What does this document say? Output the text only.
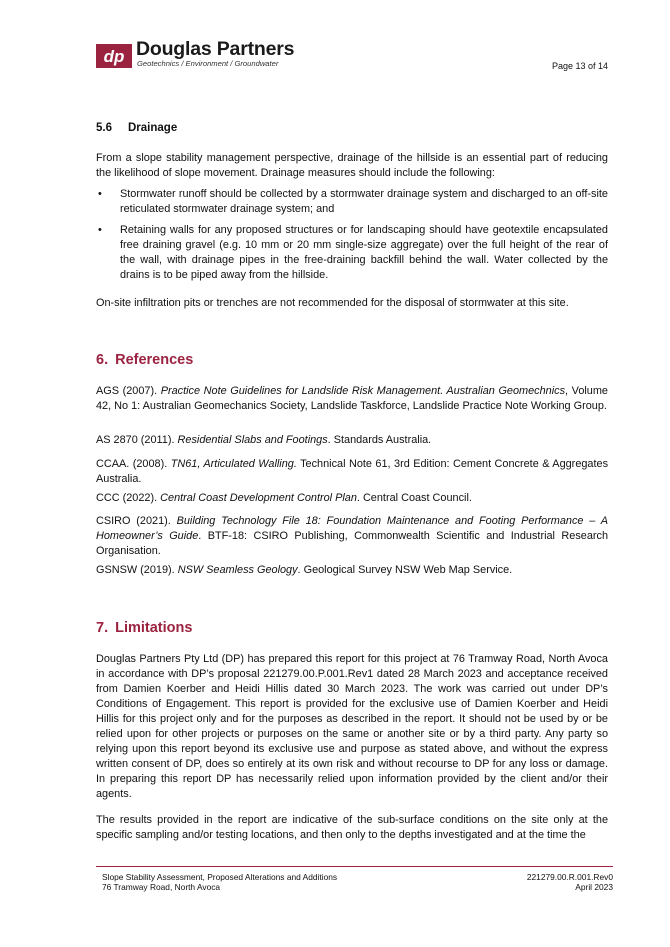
dp Douglas Partners
Geotechnics / Environment / Groundwater	Page 13 of 14
5.6 Drainage

From a slope stability management perspective, drainage of the hillside is an essential part of reducing the likelihood of slope movement. Drainage measures should include the following:

• Stormwater runoff should be collected by a stormwater drainage system and discharged to an off-site reticulated stormwater drainage system; and

• Retaining walls for any proposed structures or for landscaping should have geotextile encapsulated free draining gravel (e.g. 10 mm or 20 mm single-size aggregate) over the full height of the rear of the wall, with drainage pipes in the free-draining backfill behind the wall. Water collected by the drains is to be piped away from the hillside.

On-site infiltration pits or trenches are not recommended for the disposal of stormwater at this site.

6. References

AGS (2007). Practice Note Guidelines for Landslide Risk Management. Australian Geomechnics, Volume 42, No 1: Australian Geomechanics Society, Landslide Taskforce, Landslide Practice Note Working Group.

AS 2870 (2011). Residential Slabs and Footings. Standards Australia.

CCAA. (2008). TN61, Articulated Walling. Technical Note 61, 3rd Edition: Cement Concrete & Aggregates Australia.

CCC (2022). Central Coast Development Control Plan. Central Coast Council.

CSIRO (2021). Building Technology File 18: Foundation Maintenance and Footing Performance – A Homeowner’s Guide. BTF-18: CSIRO Publishing, Commonwealth Scientific and Industrial Research Organisation.

GSNSW (2019). NSW Seamless Geology. Geological Survey NSW Web Map Service.

7. Limitations

Douglas Partners Pty Ltd (DP) has prepared this report for this project at 76 Tramway Road, North Avoca in accordance with DP’s proposal 221279.00.P.001.Rev1 dated 28 March 2023 and acceptance received from Damien Koerber and Heidi Hillis dated 30 March 2023. The work was carried out under DP’s Conditions of Engagement. This report is provided for the exclusive use of Damien Koerber and Heidi Hillis for this project only and for the purposes as described in the report. It should not be used by or be relied upon for other projects or purposes on the same or another site or by a third party. Any party so relying upon this report beyond its exclusive use and purpose as stated above, and without the express written consent of DP, does so entirely at its own risk and without recourse to DP for any loss or damage. In preparing this report DP has necessarily relied upon information provided by the client and/or their agents.

The results provided in the report are indicative of the sub-surface conditions on the site only at the specific sampling and/or testing locations, and then only to the depths investigated and at the time the

Slope Stability Assessment, Proposed Alterations and Additions
76 Tramway Road, North Avoca
221279.00.R.001.Rev0
April 2023
